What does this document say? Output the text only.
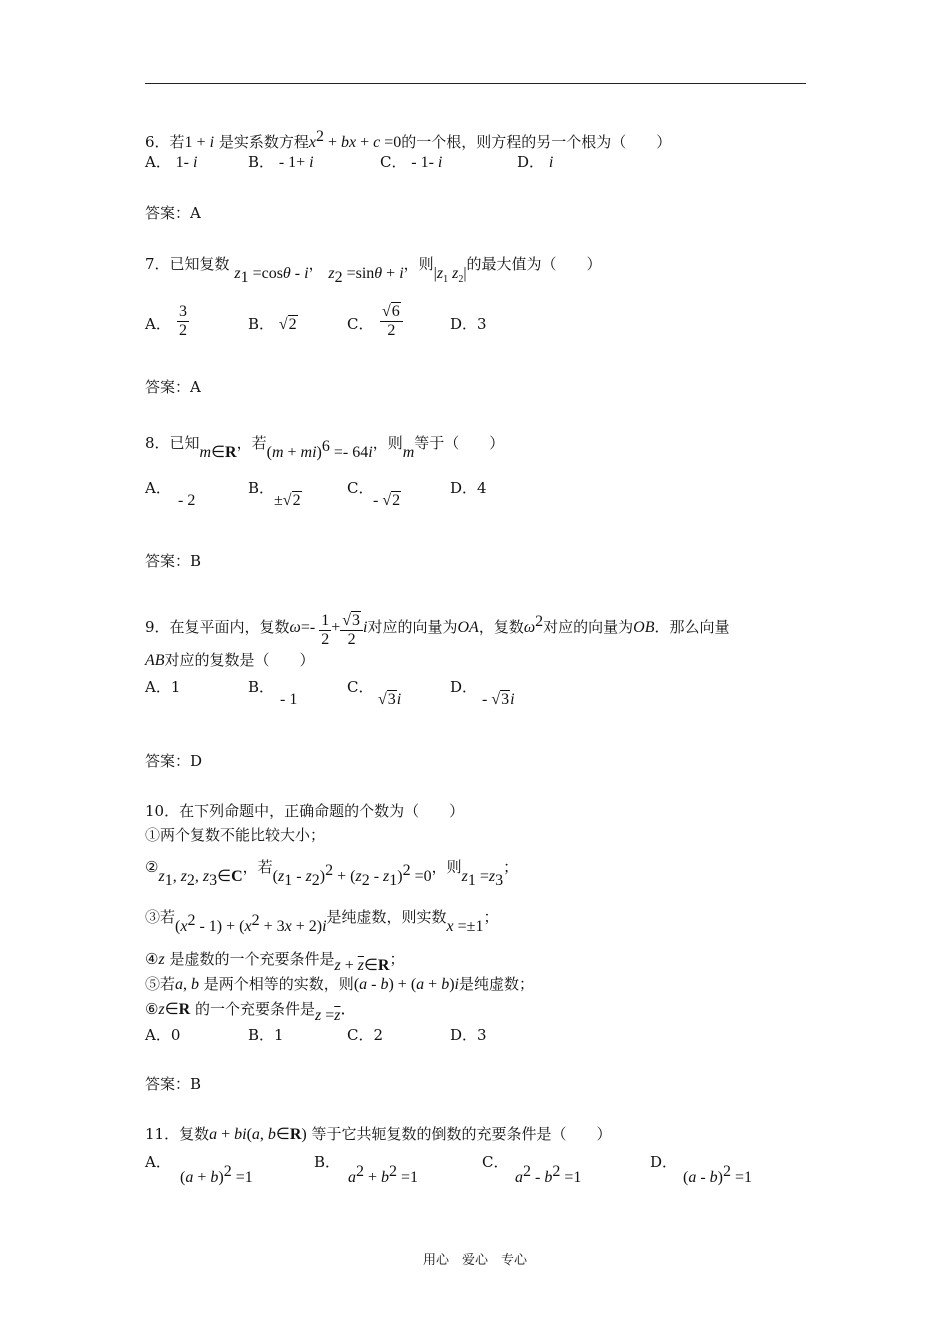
6．若1 + i 是实系数方程$x^2$ + bx + c =0的一个根，则方程的另一个根为（　　）
A． 1- i	B． - 1+ i	C． - 1- i	D． i
答案：A
7．已知复数 $z_1 =\cos\theta - i$， $z_2 =\sin\theta + i$，则$|z_1$ $z_2|$的最大值为（　　）
A． $\frac{3}{2}$	B． √2	C． $\frac{√6}{2}$	D．3
答案：A
8．已知m∈R，若(m + mi)$^6$ =- 64i，则m等于（　　）
A．
- 2
B．
±√2
C．
- √2
D．4
答案：B
9．在复平面内，复数$\omega=- \frac{1}{2} + \frac{√3}{2}$ i对应的向量为OA，复数$\omega^2$对应的向量为OB．那么向量
AB对应的复数是（　　）
A．1	B．
- 1
C．
√3i
D．
- √3i
答案：D
10．在下列命题中，正确命题的个数为（　　）
①两个复数不能比较大小；
$②z_1$, $z_2$, $z_3\in C$，若$(z_1 - z_2)^2 + (z_2 - z_1)^2 =0$，则$z_1 =z_3$；
③若$(x^2 - 1) + (x^2 + 3x + 2)i$是纯虚数，则实数x =±1；
④z 是虚数的一个充要条件是$z + \overline{z}\in R$；
⑤若a, b 是两个相等的实数，则(a - b) + (a + b)i是纯虚数；
⑥z∈R 的一个充要条件是$z =\overline{z}$．
A．0	B．1	C．2	D．3
答案：B
11．复数a + bi(a, b∈R) 等于它共轭复数的倒数的充要条件是（　　）
A．
$(a + b)^2 =1$
B．
$a^2 + b^2 =1$
C．
$a^2 - b^2 =1$
D．
(a - b)$^2$ =1
用心　爱心　专心
